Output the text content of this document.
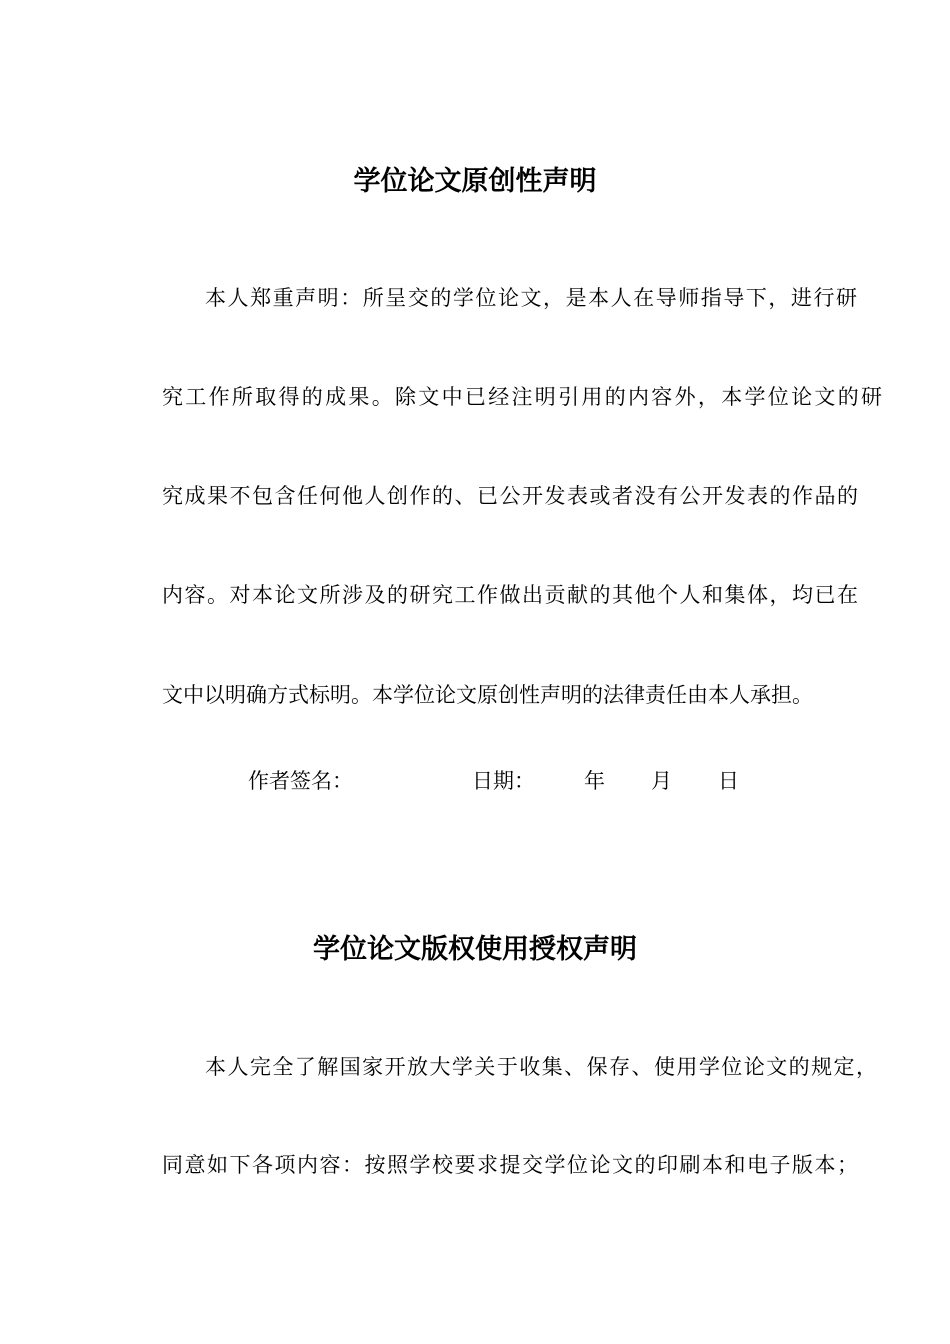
学位论文原创性声明

本人郑重声明：所呈交的学位论文，是本人在导师指导下，进行研

究工作所取得的成果。除文中已经注明引用的内容外，本学位论文的研

究成果不包含任何他人创作的、已公开发表或者没有公开发表的作品的

内容。对本论文所涉及的研究工作做出贡献的其他个人和集体，均已在

文中以明确方式标明。本学位论文原创性声明的法律责任由本人承担。

作者签名：	日期： 年 月 日
学位论文版权使用授权声明

本人完全了解国家开放大学关于收集、保存、使用学位论文的规定，

同意如下各项内容：按照学校要求提交学位论文的印刷本和电子版本；
